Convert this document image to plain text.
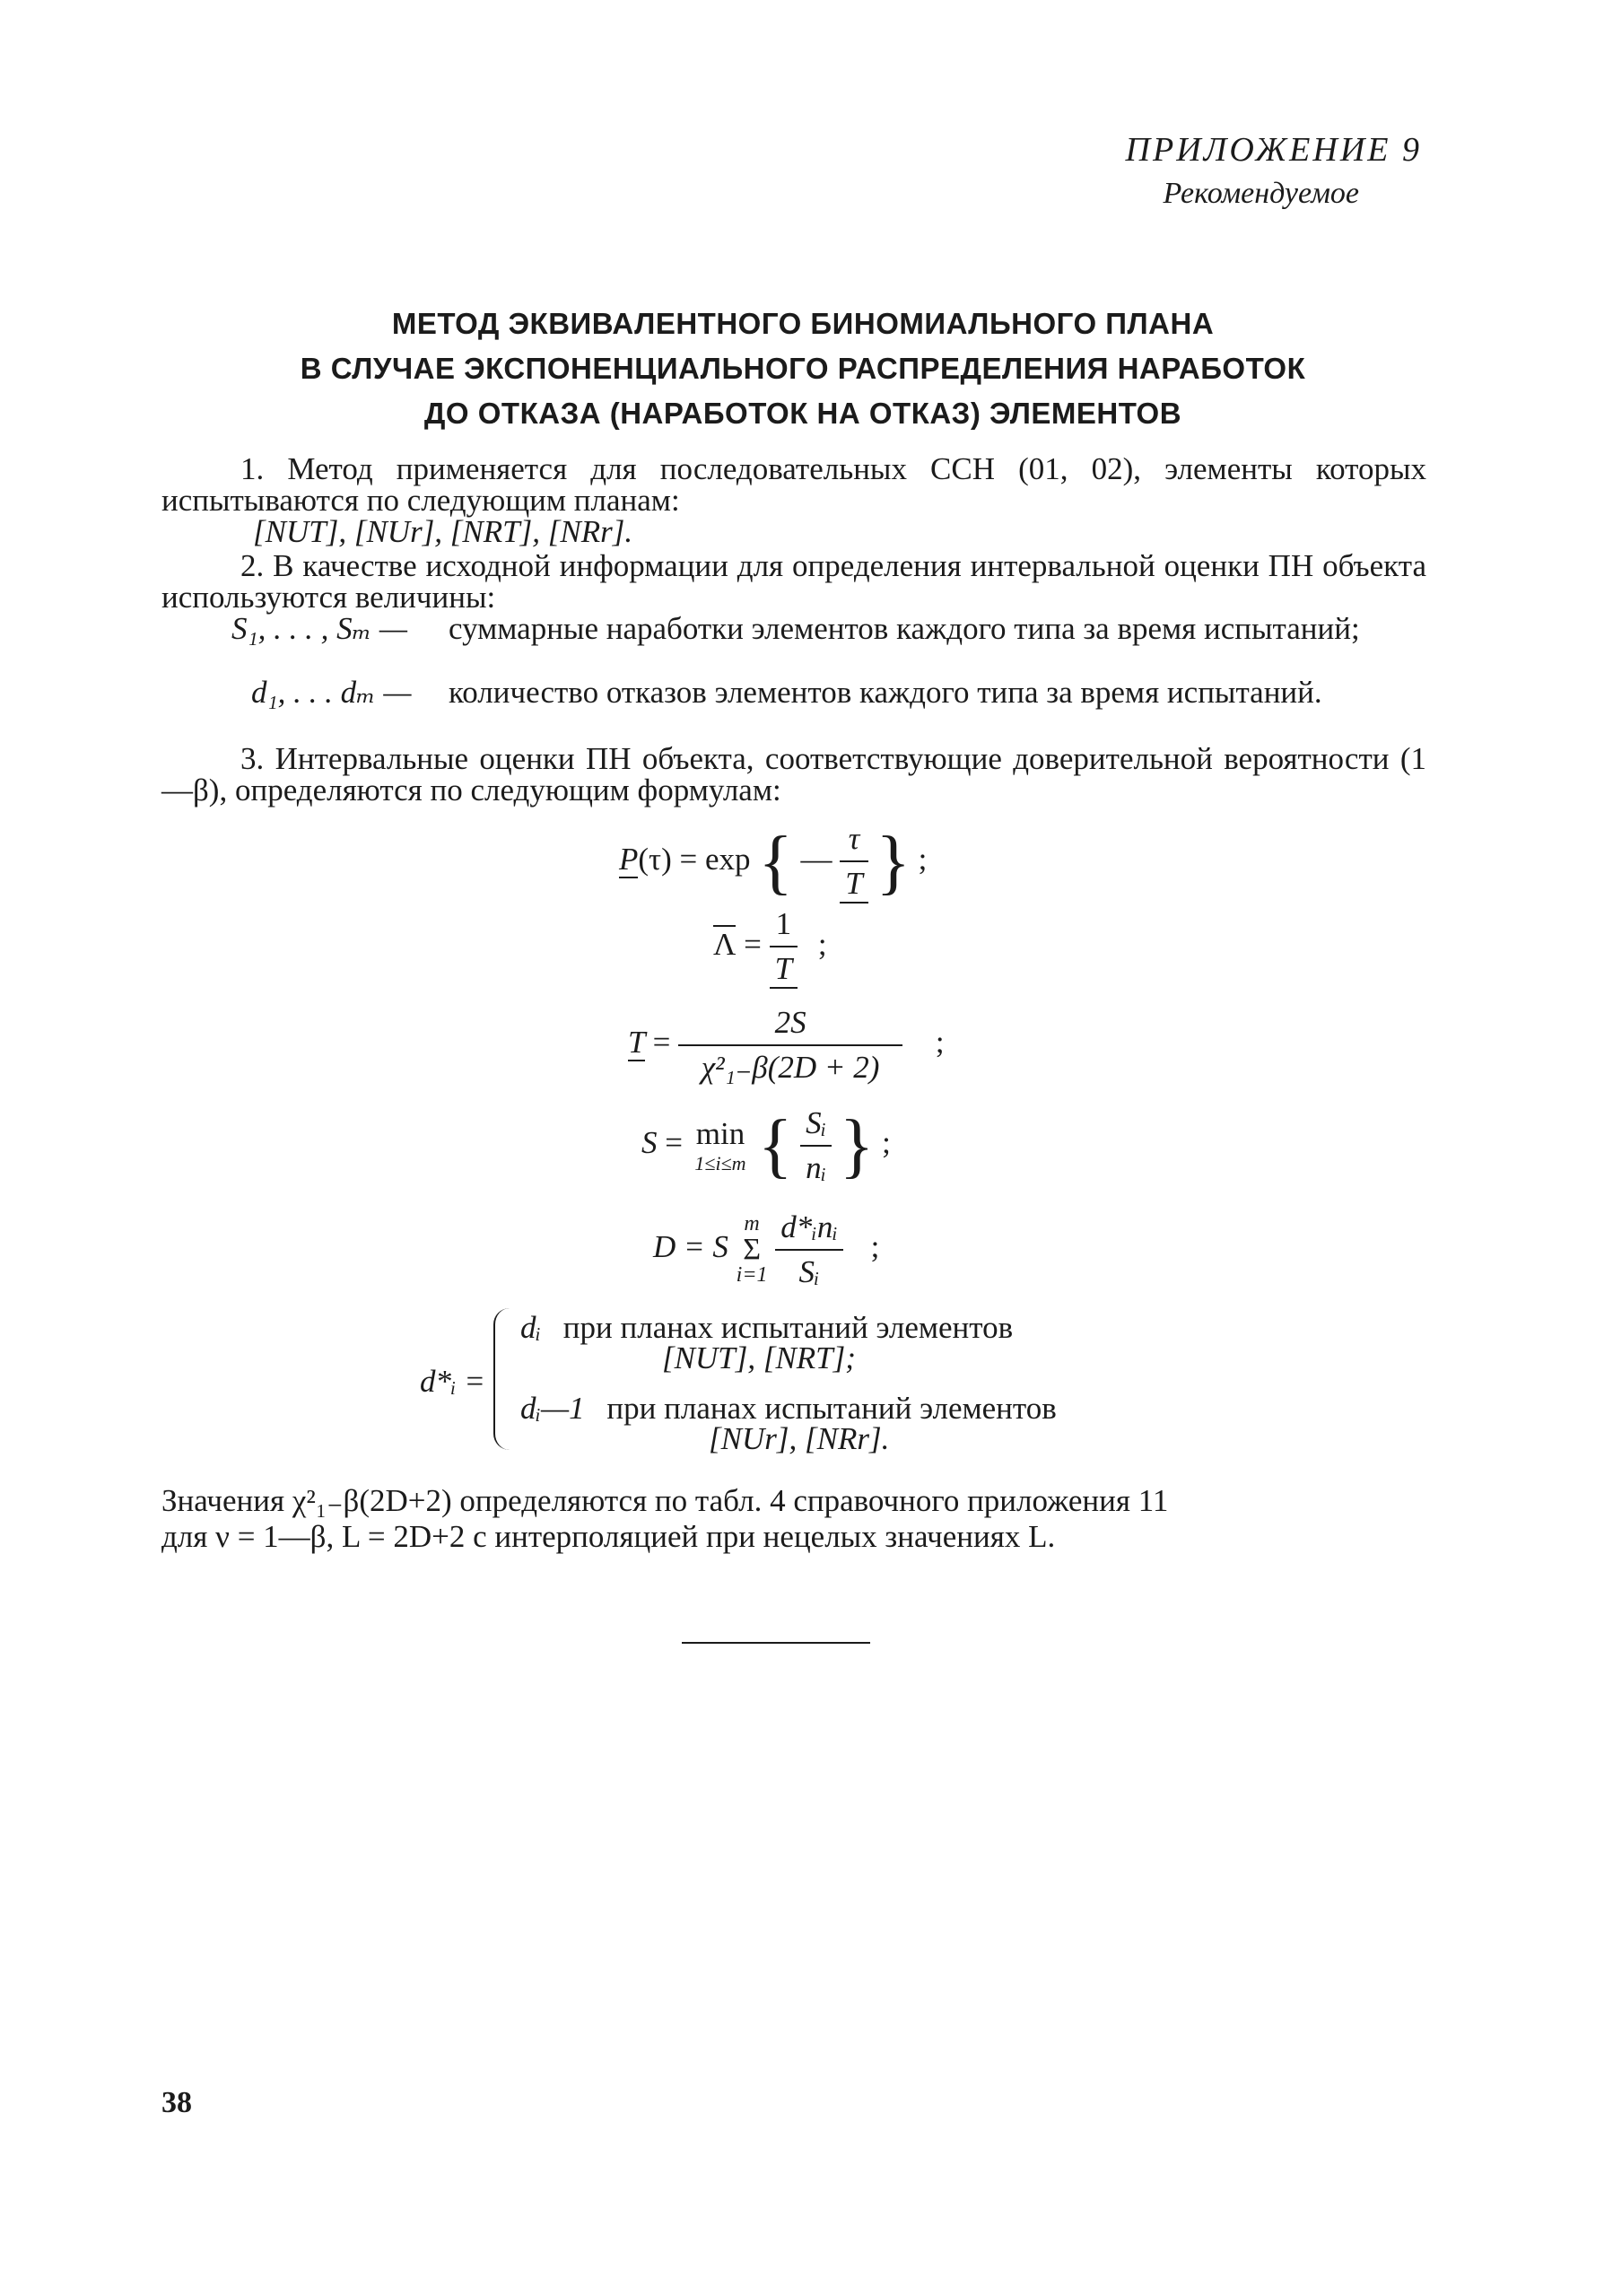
ПРИЛОЖЕНИЕ 9
Рекомендуемое
МЕТОД ЭКВИВАЛЕНТНОГО БИНОМИАЛЬНОГО ПЛАНА
В СЛУЧАЕ ЭКСПОНЕНЦИАЛЬНОГО РАСПРЕДЕЛЕНИЯ НАРАБОТОК
ДО ОТКАЗА (НАРАБОТОК НА ОТКАЗ) ЭЛЕМЕНТОВ
1. Метод применяется для последовательных ССН (01, 02), элементы которых испытываются по следующим планам:
[NUT], [NUr], [NRT], [NRr].
2. В качестве исходной информации для определения интервальной оценки ПН объекта используются величины:
S₁, . . . , Sₘ — суммарные наработки элементов каждого типа за время испытаний;
d₁, . . . dₘ — количество отказов элементов каждого типа за время испытаний.
3. Интервальные оценки ПН объекта, соответствующие доверительной вероятности (1—β), определяются по следующим формулам:
P(τ) = exp { — $\frac{\tau}{T}$ } ;
$\Lambda = \frac{1}{T}$ ;
$T = \frac{2S}{\text{χ²₁₋β(2D + 2)}}$ ;
S = min
1≤i≤m { $\frac{\text{Sᵢ}}{\text{nᵢ}}$ } ;
D = S
m
Σ
i=1
$\frac{\text{d*ᵢnᵢ}}{\text{Sᵢ}}$ ;
d*ᵢ =
dᵢ при планах испытаний элементов
[NUT], [NRT];
dᵢ—1 при планах испытаний элементов
[NUr], [NRr].
Значения χ²₁₋β(2D+2) определяются по табл. 4 справочного приложения 11
для ν = 1—β, L = 2D+2 с интерполяцией при нецелых значениях L.
38
